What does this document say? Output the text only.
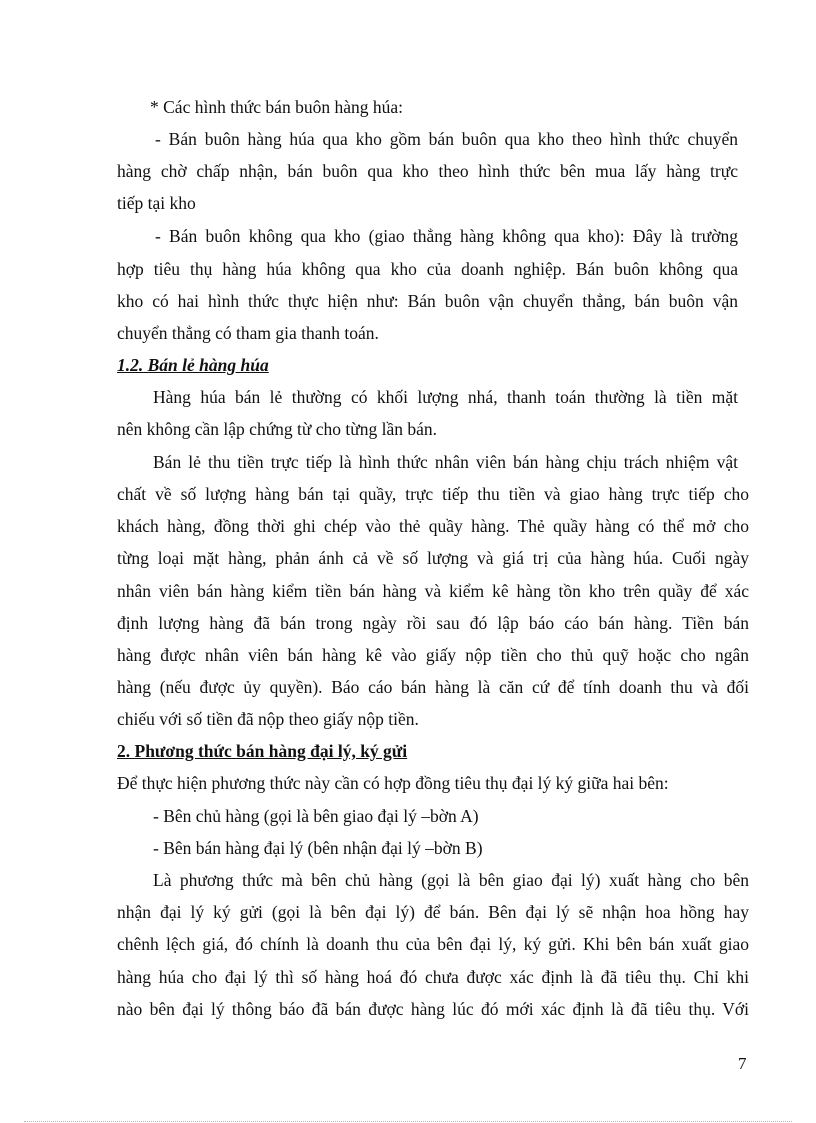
* Các hình thức bán buôn hàng húa:
- Bán buôn hàng húa qua kho gồm bán buôn qua kho theo hình thức chuyển
hàng chờ chấp nhận, bán buôn qua kho theo hình thức bên mua lấy hàng trực
tiếp tại kho
- Bán buôn không qua kho (giao thẳng hàng không qua kho): Đây là trường
hợp tiêu thụ hàng húa không qua kho của doanh nghiệp. Bán buôn không qua
kho có hai hình thức thực hiện như: Bán buôn vận chuyển thẳng, bán buôn vận
chuyển thẳng có tham gia thanh toán.
1.2. Bán lẻ hàng húa
Hàng húa bán lẻ thường có khối lượng nhá, thanh toán thường là tiền mặt
nên không cần lập chứng từ cho từng lần bán.
Bán lẻ thu tiền trực tiếp là hình thức nhân viên bán hàng chịu trách nhiệm vật
chất về số lượng hàng bán tại quầy, trực tiếp thu tiền và giao hàng trực tiếp cho
khách hàng, đồng thời ghi chép vào thẻ quầy hàng. Thẻ quầy hàng có thể mở cho
từng loại mặt hàng, phản ánh cả về số lượng và giá trị của hàng húa. Cuối ngày
nhân viên bán hàng kiểm tiền bán hàng và kiểm kê hàng tồn kho trên quầy để xác
định lượng hàng đã bán trong ngày rồi sau đó lập báo cáo bán hàng. Tiền bán
hàng được nhân viên bán hàng kê vào giấy nộp tiền cho thủ quỹ hoặc cho ngân
hàng (nếu được ủy quyền). Báo cáo bán hàng là căn cứ để tính doanh thu và đối
chiếu với số tiền đã nộp theo giấy nộp tiền.
2. Phương thức bán hàng đại lý, ký gửi
Để thực hiện phương thức này cần có hợp đồng tiêu thụ đại lý ký giữa hai bên:
- Bên chủ hàng (gọi là bên giao đại lý –bờn A)
- Bên bán hàng đại lý (bên nhận đại lý –bờn B)
Là phương thức mà bên chủ hàng (gọi là bên giao đại lý) xuất hàng cho bên
nhận đại lý ký gửi (gọi là bên đại lý) để bán. Bên đại lý sẽ nhận hoa hồng hay
chênh lệch giá, đó chính là doanh thu của bên đại lý, ký gửi. Khi bên bán xuất giao
hàng húa cho đại lý thì số hàng hoá đó chưa được xác định là đã tiêu thụ. Chỉ khi
nào bên đại lý thông báo đã bán được hàng lúc đó mới xác định là đã tiêu thụ. Với
7
